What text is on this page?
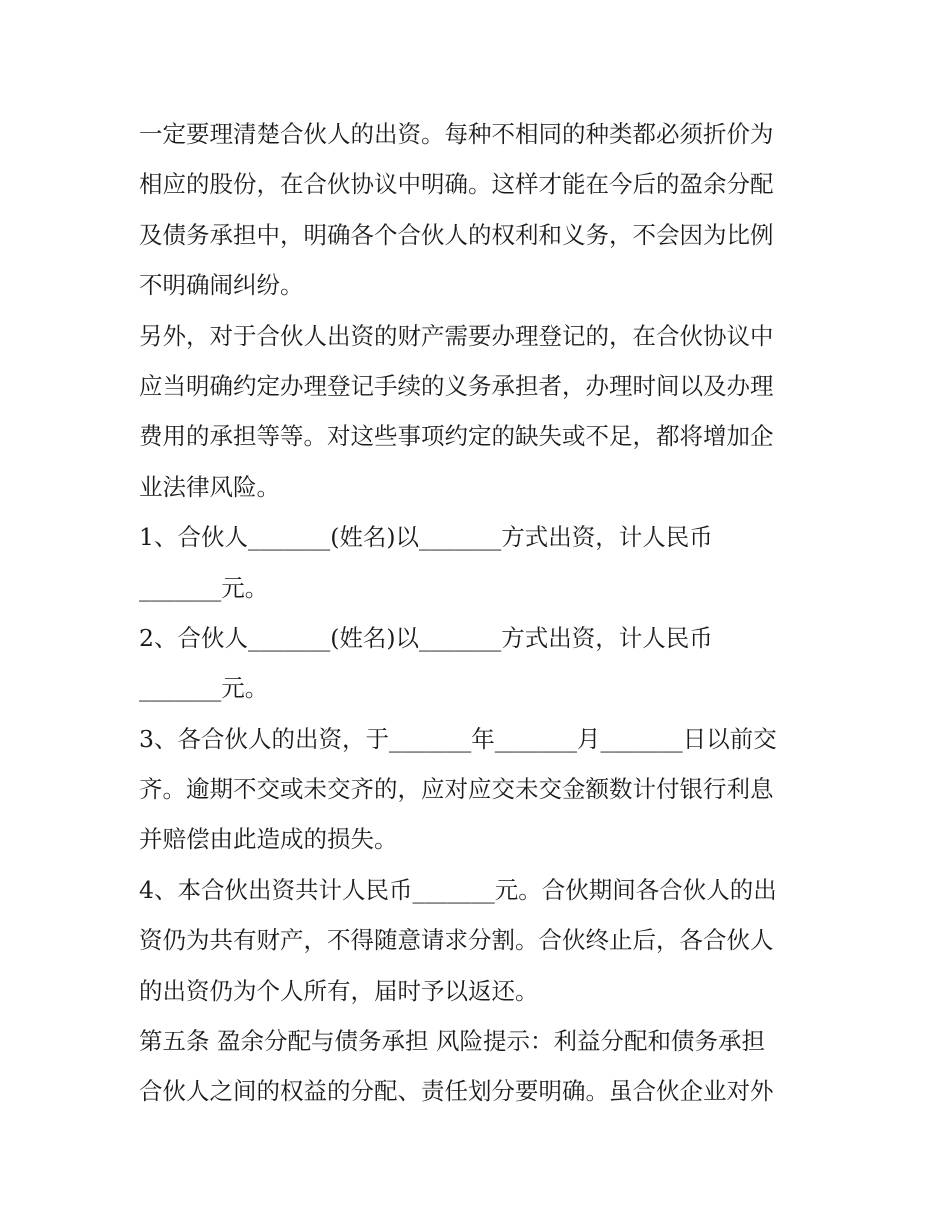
一定要理清楚合伙人的出资。每种不相同的种类都必须折价为
相应的股份，在合伙协议中明确。这样才能在今后的盈余分配
及债务承担中，明确各个合伙人的权利和义务，不会因为比例
不明确闹纠纷。
另外，对于合伙人出资的财产需要办理登记的，在合伙协议中
应当明确约定办理登记手续的义务承担者，办理时间以及办理
费用的承担等等。对这些事项约定的缺失或不足，都将增加企
业法律风险。
1、合伙人_______(姓名)以_______方式出资，计人民币
_______元。
2、合伙人_______(姓名)以_______方式出资，计人民币
_______元。
3、各合伙人的出资，于_______年_______月_______日以前交
齐。逾期不交或未交齐的，应对应交未交金额数计付银行利息
并赔偿由此造成的损失。
4、本合伙出资共计人民币_______元。合伙期间各合伙人的出
资仍为共有财产，不得随意请求分割。合伙终止后，各合伙人
的出资仍为个人所有，届时予以返还。
第五条 盈余分配与债务承担 风险提示：利益分配和债务承担
合伙人之间的权益的分配、责任划分要明确。虽合伙企业对外
